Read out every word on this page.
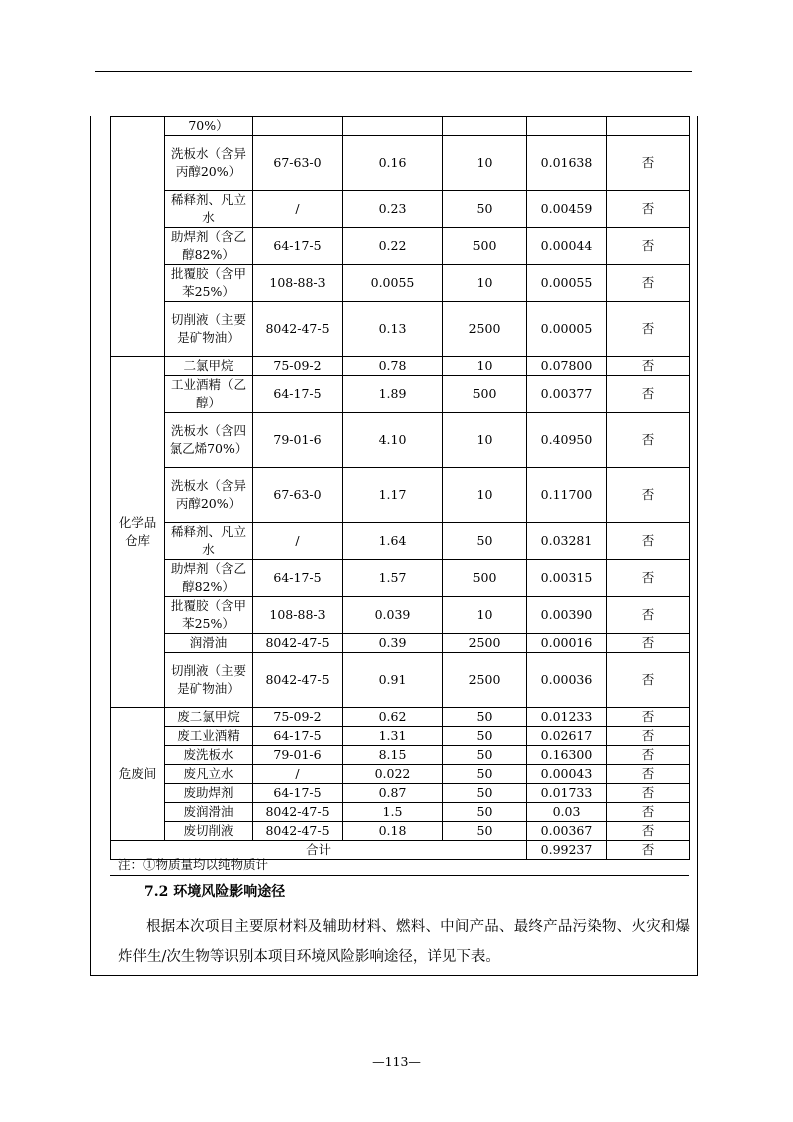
	70%）					
	洗板水（含异丙醇20%）	67-63-0	0.16	10	0.01638	否
	稀释剂、凡立水	/	0.23	50	0.00459	否
	助焊剂（含乙醇82%）	64-17-5	0.22	500	0.00044	否
	批覆胶（含甲苯25%）	108-88-3	0.0055	10	0.00055	否
	切削液（主要是矿物油）	8042-47-5	0.13	2500	0.00005	否
化学品仓库	二氯甲烷	75-09-2	0.78	10	0.07800	否
	工业酒精（乙醇）	64-17-5	1.89	500	0.00377	否
	洗板水（含四氯乙烯70%）	79-01-6	4.10	10	0.40950	否
	洗板水（含异丙醇20%）	67-63-0	1.17	10	0.11700	否
	稀释剂、凡立水	/	1.64	50	0.03281	否
	助焊剂（含乙醇82%）	64-17-5	1.57	500	0.00315	否
	批覆胶（含甲苯25%）	108-88-3	0.039	10	0.00390	否
	润滑油	8042-47-5	0.39	2500	0.00016	否
	切削液（主要是矿物油）	8042-47-5	0.91	2500	0.00036	否
危废间	废二氯甲烷	75-09-2	0.62	50	0.01233	否
	废工业酒精	64-17-5	1.31	50	0.02617	否
	废洗板水	79-01-6	8.15	50	0.16300	否
	废凡立水	/	0.022	50	0.00043	否
	废助焊剂	64-17-5	0.87	50	0.01733	否
	废润滑油	8042-47-5	1.5	50	0.03	否
	废切削液	8042-47-5	0.18	50	0.00367	否
合计					0.99237	否
注：①物质量均以纯物质计
7.2 环境风险影响途径
根据本次项目主要原材料及辅助材料、燃料、中间产品、最终产品污染物、火灾和爆炸伴生/次生物等识别本项目环境风险影响途径，详见下表。
—113—
